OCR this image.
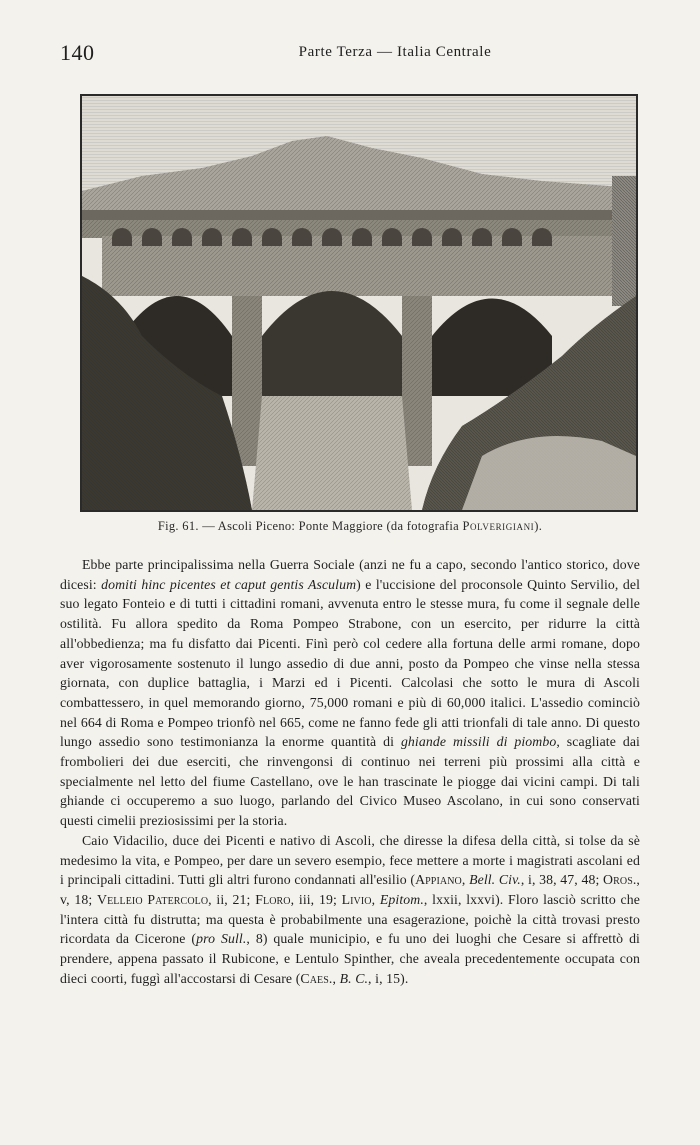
140	Parte Terza — Italia Centrale
Fig. 61. — Ascoli Piceno: Ponte Maggiore (da fotografia Polverigiani).

Ebbe parte principalissima nella Guerra Sociale (anzi ne fu a capo, secondo l'antico storico, dove dicesi: domiti hinc picentes et caput gentis Asculum) e l'uccisione del proconsole Quinto Servilio, del suo legato Fonteio e di tutti i cittadini romani, avvenuta entro le stesse mura, fu come il segnale delle ostilità. Fu allora spedito da Roma Pompeo Strabone, con un esercito, per ridurre la città all'obbedienza; ma fu disfatto dai Picenti. Finì però col cedere alla fortuna delle armi romane, dopo aver vigorosamente sostenuto il lungo assedio di due anni, posto da Pompeo che vinse nella stessa giornata, con duplice battaglia, i Marzi ed i Picenti. Calcolasi che sotto le mura di Ascoli combattessero, in quel memorando giorno, 75,000 romani e più di 60,000 italici. L'assedio cominciò nel 664 di Roma e Pompeo trionfò nel 665, come ne fanno fede gli atti trionfali di tale anno. Di questo lungo assedio sono testimonianza la enorme quantità di ghiande missili di piombo, scagliate dai frombolieri dei due eserciti, che rinvengonsi di continuo nei terreni più prossimi alla città e specialmente nel letto del fiume Castellano, ove le han trascinate le piogge dai vicini campi. Di tali ghiande ci occuperemo a suo luogo, parlando del Civico Museo Ascolano, in cui sono conservati questi cimelii preziosissimi per la storia.

Caio Vidacilio, duce dei Picenti e nativo di Ascoli, che diresse la difesa della città, si tolse da sè medesimo la vita, e Pompeo, per dare un severo esempio, fece mettere a morte i magistrati ascolani ed i principali cittadini. Tutti gli altri furono condannati all'esilio (Appiano, Bell. Civ., i, 38, 47, 48; Oros., v, 18; Velleio Patercolo, ii, 21; Floro, iii, 19; Livio, Epitom., lxxii, lxxvi). Floro lasciò scritto che l'intera città fu distrutta; ma questa è probabilmente una esagerazione, poichè la città trovasi presto ricordata da Cicerone (pro Sull., 8) quale municipio, e fu uno dei luoghi che Cesare si affrettò di prendere, appena passato il Rubicone, e Lentulo Spinther, che aveala precedentemente occupata con dieci coorti, fuggì all'accostarsi di Cesare (Caes., B. C., i, 15).
